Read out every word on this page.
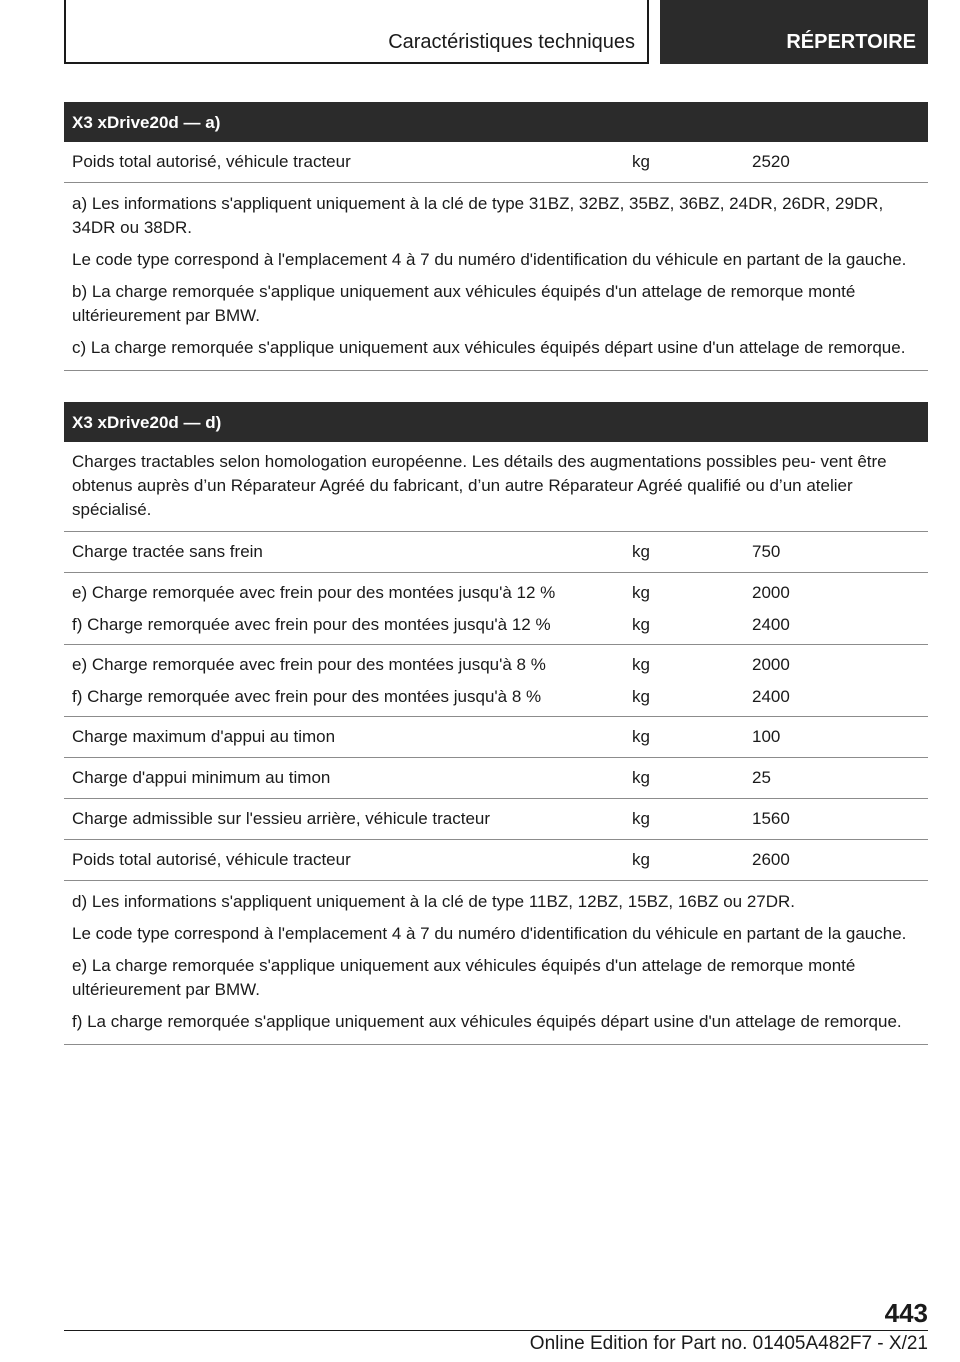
Caractéristiques techniques	RÉPERTOIRE
X3 xDrive20d — a)
Poids total autorisé, véhicule tracteur	kg	2520

a) Les informations s'appliquent uniquement à la clé de type 31BZ, 32BZ, 35BZ, 36BZ, 24DR, 26DR, 29DR, 34DR ou 38DR.

Le code type correspond à l'emplacement 4 à 7 du numéro d'identification du véhicule en partant de la gauche.

b) La charge remorquée s'applique uniquement aux véhicules équipés d'un attelage de remorque monté ultérieurement par BMW.

c) La charge remorquée s'applique uniquement aux véhicules équipés départ usine d'un attelage de remorque.

X3 xDrive20d — d)
Charges tractables selon homologation européenne. Les détails des augmentations possibles peu- vent être obtenus auprès d’un Réparateur Agréé du fabricant, d’un autre Réparateur Agréé qualifié ou d’un atelier spécialisé.
Charge tractée sans frein	kg	750
e) Charge remorquée avec frein pour des montées jusqu'à 12 %	kg	2000
f) Charge remorquée avec frein pour des montées jusqu'à 12 %	kg	2400
e) Charge remorquée avec frein pour des montées jusqu'à 8 %	kg	2000
f) Charge remorquée avec frein pour des montées jusqu'à 8 %	kg	2400
Charge maximum d'appui au timon	kg	100
Charge d'appui minimum au timon	kg	25
Charge admissible sur l'essieu arrière, véhicule tracteur	kg	1560
Poids total autorisé, véhicule tracteur	kg	2600

d) Les informations s'appliquent uniquement à la clé de type 11BZ, 12BZ, 15BZ, 16BZ ou 27DR.

Le code type correspond à l'emplacement 4 à 7 du numéro d'identification du véhicule en partant de la gauche.

e) La charge remorquée s'applique uniquement aux véhicules équipés d'un attelage de remorque monté ultérieurement par BMW.

f) La charge remorquée s'applique uniquement aux véhicules équipés départ usine d'un attelage de remorque.

443
Online Edition for Part no. 01405A482F7 - X/21
